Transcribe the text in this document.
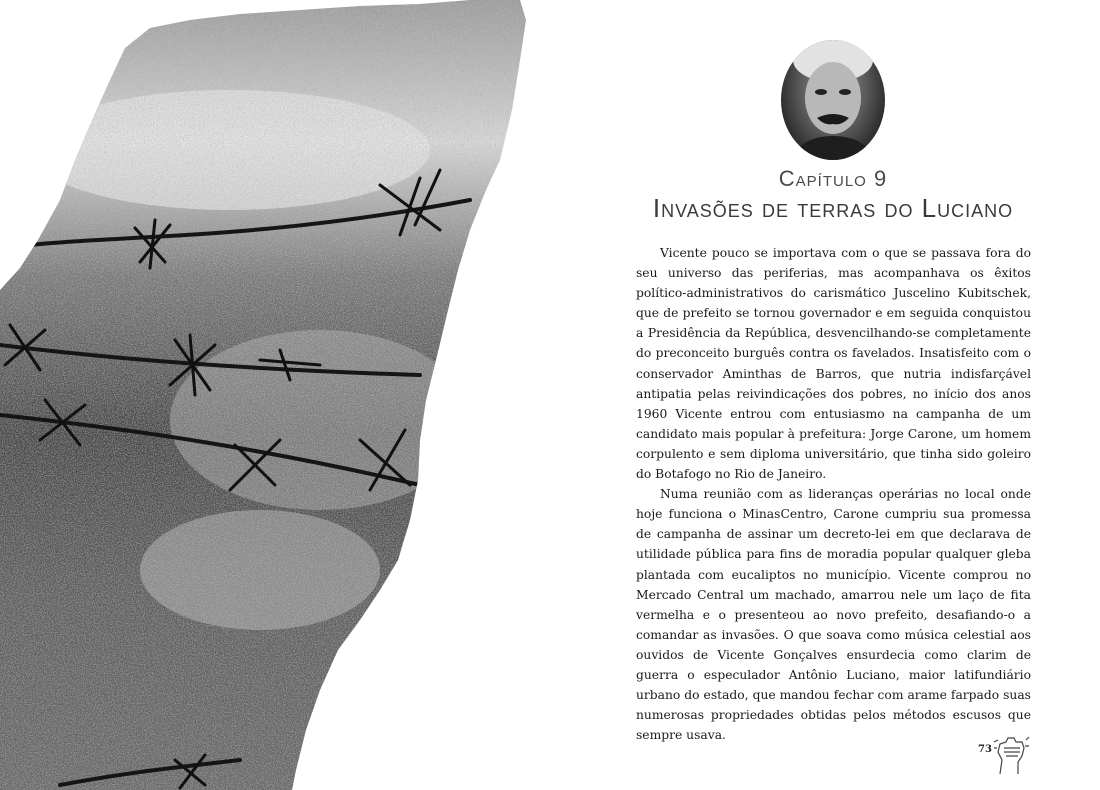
Capítulo 9
Invasões de terras do Luciano

Vicente pouco se importava com o que se passava fora do seu universo das periferias, mas acompanhava os êxitos político-administrativos do carismático Juscelino Kubitschek, que de prefeito se tornou governador e em seguida conquistou a Presidência da República, desvencilhando-se completamente do preconceito burguês contra os favelados. Insatisfeito com o conservador Aminthas de Barros, que nutria indisfarçável antipatia pelas reivindicações dos pobres, no início dos anos 1960 Vicente entrou com entusiasmo na campanha de um candidato mais popular à prefeitura: Jorge Carone, um homem corpulento e sem diploma universitário, que tinha sido goleiro do Botafogo no Rio de Janeiro.

Numa reunião com as lideranças operárias no local onde hoje funciona o MinasCentro, Carone cumpriu sua promessa de campanha de assinar um decreto-lei em que declarava de utilidade pública para fins de moradia popular qualquer gleba plantada com eucaliptos no município. Vicente comprou no Mercado Central um machado, amarrou nele um laço de fita vermelha e o presenteou ao novo prefeito, desafiando-o a comandar as invasões. O que soava como música celestial aos ouvidos de Vicente Gonçalves ensurdecia como clarim de guerra o especulador Antônio Luciano, maior latifundiário urbano do estado, que mandou fechar com arame farpado suas numerosas propriedades obtidas pelos métodos escusos que sempre usava.

73
